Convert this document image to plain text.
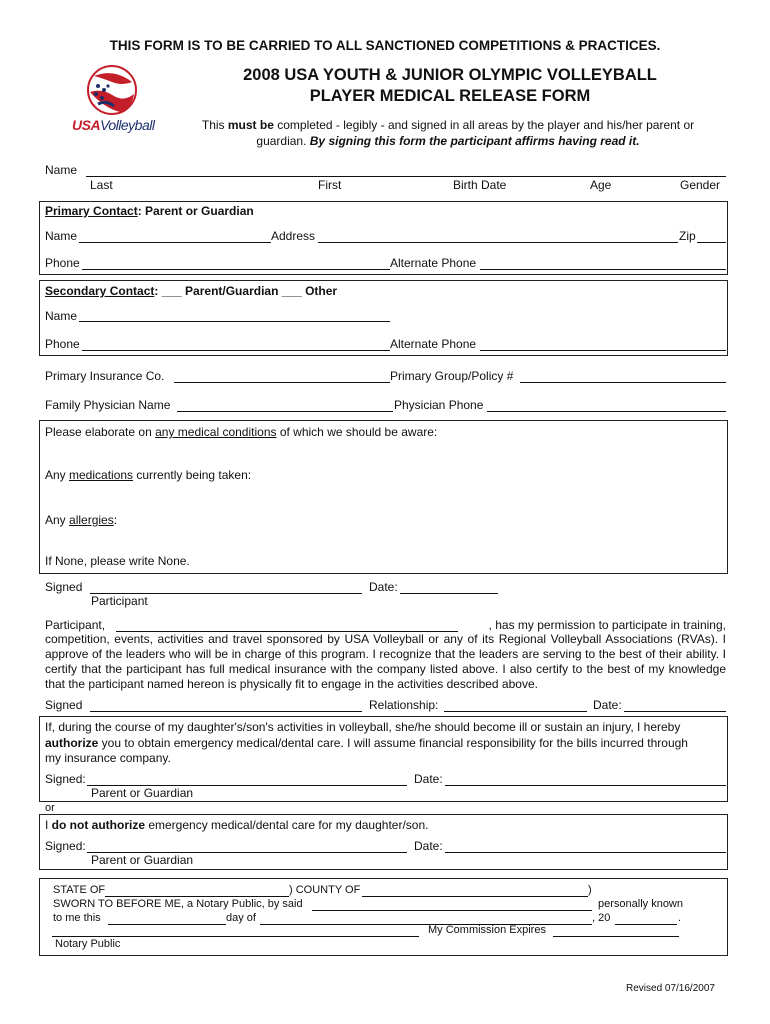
THIS FORM IS TO BE CARRIED TO ALL SANCTIONED COMPETITIONS & PRACTICES.
USAVolleyball
2008 USA YOUTH & JUNIOR OLYMPIC VOLLEYBALL
PLAYER MEDICAL RELEASE FORM
This must be completed - legibly - and signed in all areas by the player and his/her parent or
guardian. By signing this form the participant affirms having read it.
Name
Last	First	Birth Date	Age	Gender
Primary Contact: Parent or Guardian
Name	Address	Zip
Phone	Alternate Phone
Secondary Contact: ___ Parent/Guardian ___ Other
Name
Phone	Alternate Phone
Primary Insurance Co.	Primary Group/Policy #
Family Physician Name	Physician Phone
Please elaborate on any medical conditions of which we should be aware:
Any medications currently being taken:
Any allergies:
If None, please write None.
Signed	Date:
Participant
Participant,	, has my permission to participate in training,
competition, events, activities and travel sponsored by USA Volleyball or any of its Regional Volleyball Associations (RVAs). I approve of the leaders who will be in charge of this program. I recognize that the leaders are serving to the best of their ability. I certify that the participant has full medical insurance with the company listed above. I also certify to the best of my knowledge that the participant named hereon is physically fit to engage in the activities described above.
Signed	Relationship:	Date:
If, during the course of my daughter's/son's activities in volleyball, she/he should become ill or sustain an injury, I hereby
authorize you to obtain emergency medical/dental care. I will assume financial responsibility for the bills incurred through
my insurance company.
Signed:	Date:
Parent or Guardian
or
I do not authorize emergency medical/dental care for my daughter/son.
Signed:	Date:
Parent or Guardian
STATE OF	) COUNTY OF	)
SWORN TO BEFORE ME, a Notary Public, by said	personally known
to me this	day of	, 20	.
My Commission Expires
Notary Public
Revised 07/16/2007
